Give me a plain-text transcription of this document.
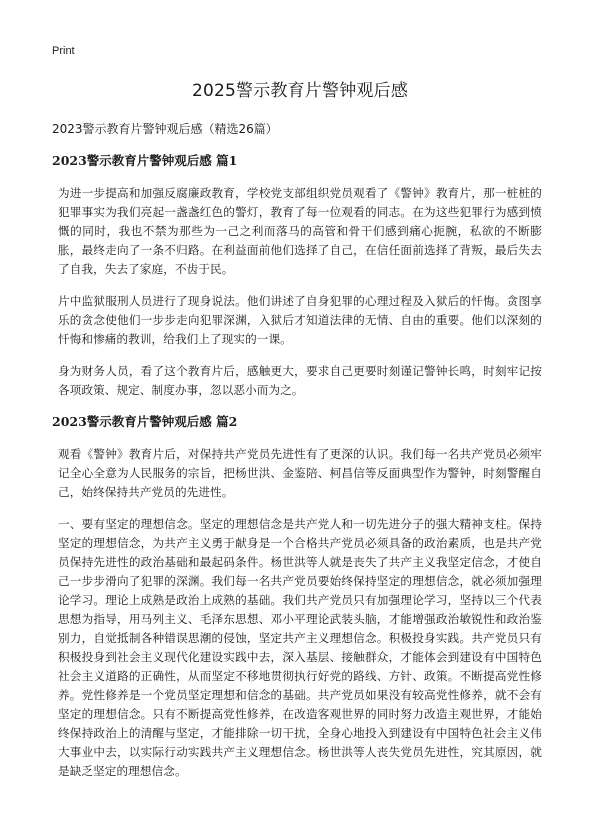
Print
2025警示教育片警钟观后感
2023警示教育片警钟观后感（精选26篇）
2023警示教育片警钟观后感 篇1

为进一步提高和加强反腐廉政教育，学校党支部组织党员观看了《警钟》教育片，那一桩桩的犯罪事实为我们亮起一盏盏红色的警灯，教育了每一位观看的同志。在为这些犯罪行为感到愤慨的同时，我也不禁为那些为一己之利而落马的高管和骨干们感到痛心扼腕，私欲的不断膨胀，最终走向了一条不归路。在利益面前他们选择了自己，在信任面前选择了背叛，最后失去了自我，失去了家庭，不齿于民。

片中监狱服刑人员进行了现身说法。他们讲述了自身犯罪的心理过程及入狱后的忏悔。贪图享乐的贪念使他们一步步走向犯罪深渊，入狱后才知道法律的无情、自由的重要。他们以深刻的忏悔和惨痛的教训，给我们上了现实的一课。

身为财务人员，看了这个教育片后，感触更大，要求自己更要时刻谨记警钟长鸣，时刻牢记按各项政策、规定、制度办事，忽以恶小而为之。

2023警示教育片警钟观后感 篇2

观看《警钟》教育片后，对保持共产党员先进性有了更深的认识。我们每一名共产党员必须牢记全心全意为人民服务的宗旨，把杨世洪、金鉴陪、柯昌信等反面典型作为警钟，时刻警醒自己，始终保持共产党员的先进性。

一、要有坚定的理想信念。坚定的理想信念是共产党人和一切先进分子的强大精神支柱。保持坚定的理想信念，为共产主义勇于献身是一个合格共产党员必须具备的政治素质，也是共产党员保持先进性的政治基础和最起码条件。杨世洪等人就是丧失了共产主义我坚定信念，才使自己一步步滑向了犯罪的深渊。我们每一名共产党员要始终保持坚定的理想信念，就必须加强理论学习。理论上成熟是政治上成熟的基础。我们共产党员只有加强理论学习，坚持以三个代表思想为指导，用马列主义、毛泽东思想、邓小平理论武装头脑，才能增强政治敏锐性和政治鉴别力，自觉抵制各种错误思潮的侵蚀，坚定共产主义理想信念。积极投身实践。共产党员只有积极投身到社会主义现代化建设实践中去，深入基层、接触群众，才能体会到建设有中国特色社会主义道路的正确性，从而坚定不移地贯彻执行好党的路线、方针、政策。不断提高党性修养。党性修养是一个党员坚定理想和信念的基础。共产党员如果没有较高党性修养，就不会有坚定的理想信念。只有不断提高党性修养，在改造客观世界的同时努力改造主观世界，才能始终保持政治上的清醒与坚定，才能排除一切干扰，全身心地投入到建设有中国特色社会主义伟大事业中去，以实际行动实践共产主义理想信念。杨世洪等人丧失党员先进性，究其原因，就是缺乏坚定的理想信念。
